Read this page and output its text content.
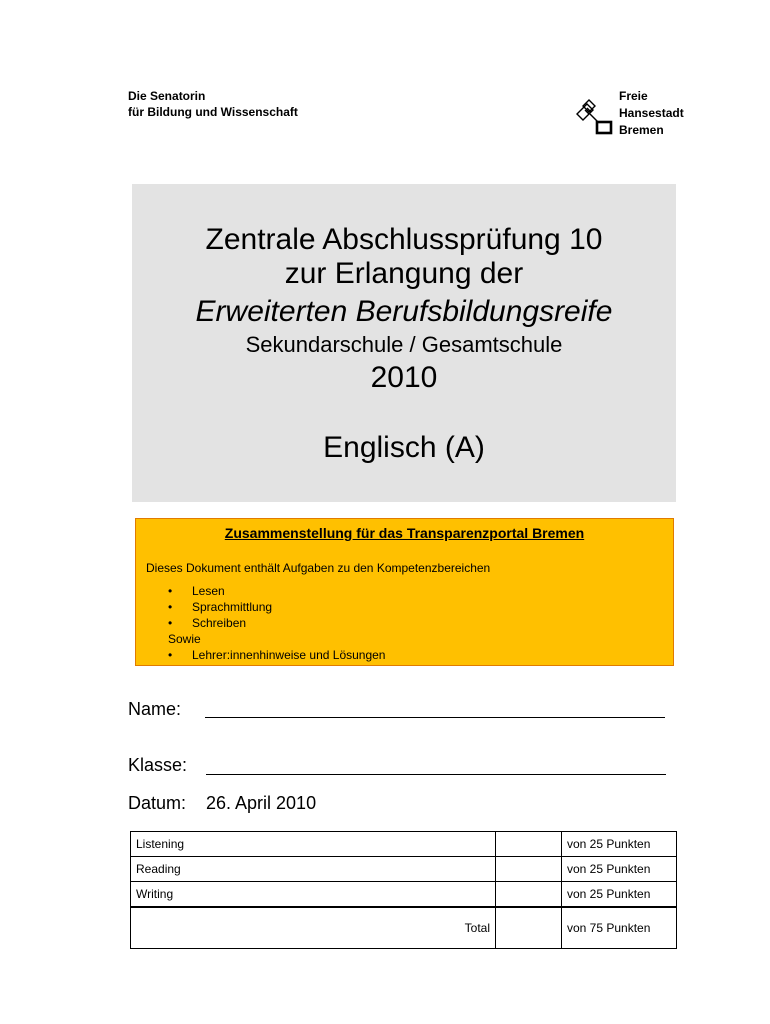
Die Senatorin
für Bildung und Wissenschaft
Freie
Hansestadt
Bremen
Zentrale Abschlussprüfung 10
zur Erlangung der
Erweiterten Berufsbildungsreife
Sekundarschule / Gesamtschule
2010
Englisch (A)
Zusammenstellung für das Transparenzportal Bremen
Dieses Dokument enthält Aufgaben zu den Kompetenzbereichen
• Lesen
• Sprachmittlung
• Schreiben
Sowie
• Lehrer:innenhinweise und Lösungen
Name:
Klasse:
Datum: 26. April 2010
Listening		von 25 Punkten
Reading		von 25 Punkten
Writing		von 25 Punkten
Total		von 75 Punkten
